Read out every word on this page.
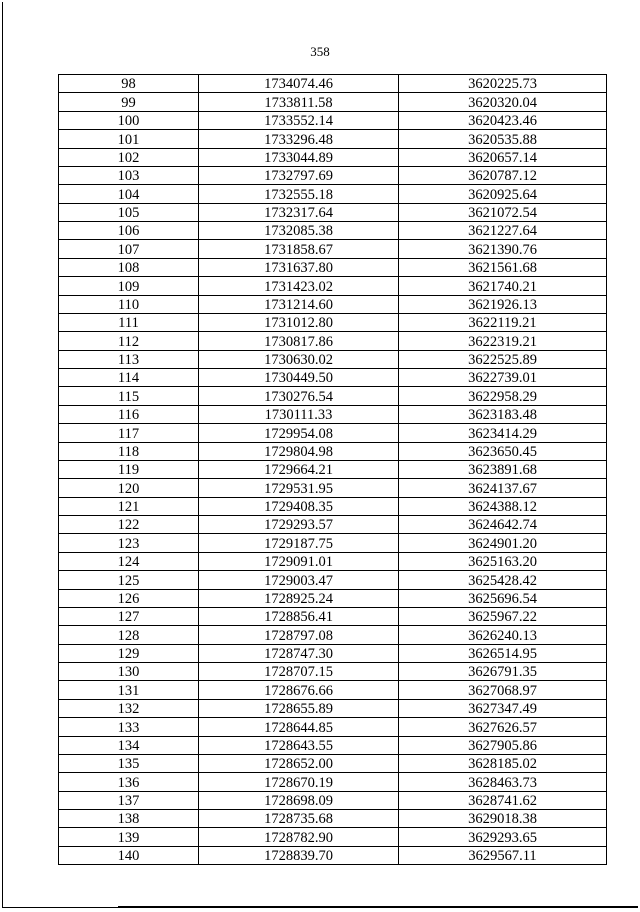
358
98	1734074.46	3620225.73
99	1733811.58	3620320.04
100	1733552.14	3620423.46
101	1733296.48	3620535.88
102	1733044.89	3620657.14
103	1732797.69	3620787.12
104	1732555.18	3620925.64
105	1732317.64	3621072.54
106	1732085.38	3621227.64
107	1731858.67	3621390.76
108	1731637.80	3621561.68
109	1731423.02	3621740.21
110	1731214.60	3621926.13
111	1731012.80	3622119.21
112	1730817.86	3622319.21
113	1730630.02	3622525.89
114	1730449.50	3622739.01
115	1730276.54	3622958.29
116	1730111.33	3623183.48
117	1729954.08	3623414.29
118	1729804.98	3623650.45
119	1729664.21	3623891.68
120	1729531.95	3624137.67
121	1729408.35	3624388.12
122	1729293.57	3624642.74
123	1729187.75	3624901.20
124	1729091.01	3625163.20
125	1729003.47	3625428.42
126	1728925.24	3625696.54
127	1728856.41	3625967.22
128	1728797.08	3626240.13
129	1728747.30	3626514.95
130	1728707.15	3626791.35
131	1728676.66	3627068.97
132	1728655.89	3627347.49
133	1728644.85	3627626.57
134	1728643.55	3627905.86
135	1728652.00	3628185.02
136	1728670.19	3628463.73
137	1728698.09	3628741.62
138	1728735.68	3629018.38
139	1728782.90	3629293.65
140	1728839.70	3629567.11
